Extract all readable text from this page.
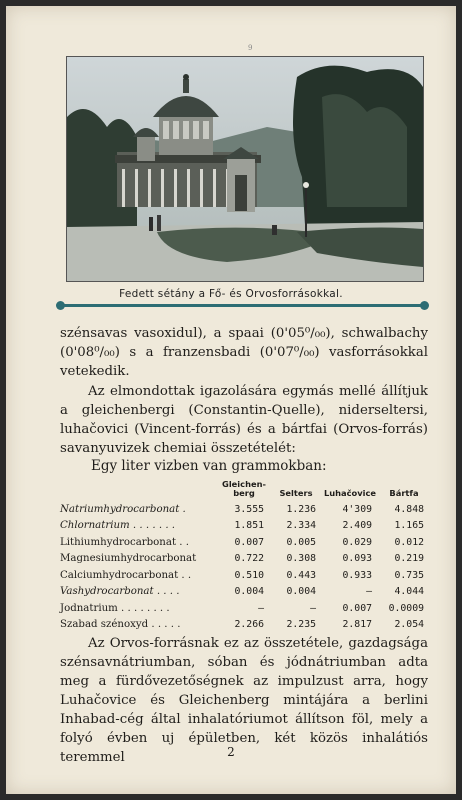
9
Fedett sétány a Fő- és Orvosforrásokkal.
szénsavas vasoxidul), a spaai (0'05⁰/₀₀), schwalbachy (0'08⁰/₀₀) s a franzensbadi (0'07⁰/₀₀) vasforrásokkal vetekedik.
Az elmondottak igazolására egymás mellé állítjuk a gleichenbergi (Constantin-Quelle), niderseltersi, luhačovici (Vincent-forrás) és a bártfai (Orvos-forrás) savanyuvizek chemiai összetételét:
Egy liter vizben van grammokban:
	Gleichen-berg	Selters	Luhačovice	Bártfa
Natriumhydrocarbonat .	3.555	1.236	4'309	4.848
Chlornatrium . . . . . . .	1.851	2.334	2.409	1.165
Lithiumhydrocarbonat . .	0.007	0.005	0.029	0.012
Magnesiumhydrocarbonat	0.722	0.308	0.093	0.219
Calciumhydrocarbonat . .	0.510	0.443	0.933	0.735
Vashydrocarbonat . . . .	0.004	0.004	—	4.044
Jodnatrium . . . . . . . .	—	—	0.007	0.0009
Szabad szénoxyd . . . . .	2.266	2.235	2.817	2.054
Az Orvos-forrásnak ez az összetétele, gazdagsága szénsavnátriumban, sóban és jódnátriumban adta meg a fürdővezetőségnek az impulzust arra, hogy Luhačovice és Gleichenberg mintájára a berlini Inhabad-cég által inhalatóriumot állítson föl, mely a folyó évben uj épületben, két közös inhalátiós teremmel	2
